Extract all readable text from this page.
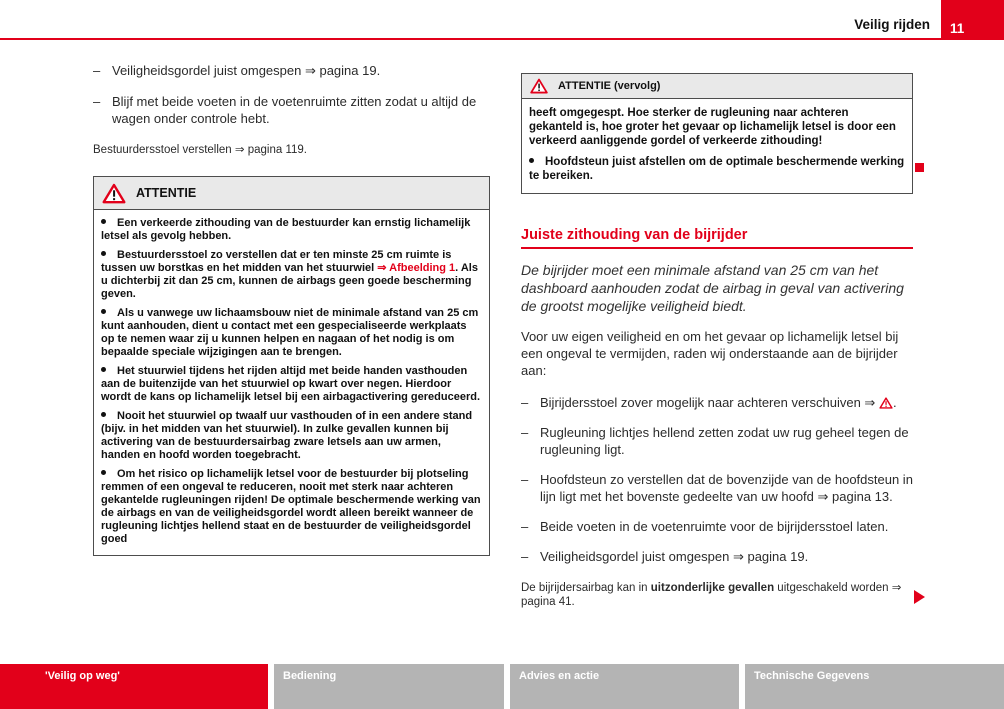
Veilig rijden 11
– Veiligheidsgordel juist omgespen ⇒ pagina 19.
– Blijf met beide voeten in de voetenruimte zitten zodat u altijd de wagen onder controle hebt.
Bestuurdersstoel verstellen ⇒ pagina 119.
ATTENTIE

Een verkeerde zithouding van de bestuurder kan ernstig lichamelijk letsel als gevolg hebben.

Bestuurdersstoel zo verstellen dat er ten minste 25 cm ruimte is tussen uw borstkas en het midden van het stuurwiel ⇒ Afbeelding 1. Als u dichterbij zit dan 25 cm, kunnen de airbags geen goede bescherming geven.

Als u vanwege uw lichaamsbouw niet de minimale afstand van 25 cm kunt aanhouden, dient u contact met een gespecialiseerde werkplaats op te nemen waar zij u kunnen helpen en nagaan of het nodig is om bepaalde speciale wijzigingen aan te brengen.

Het stuurwiel tijdens het rijden altijd met beide handen vasthouden aan de buitenzijde van het stuurwiel op kwart over negen. Hierdoor wordt de kans op lichamelijk letsel bij een airbagactivering gereduceerd.

Nooit het stuurwiel op twaalf uur vasthouden of in een andere stand (bijv. in het midden van het stuurwiel). In zulke gevallen kunnen bij activering van de bestuurdersairbag zware letsels aan uw armen, handen en hoofd worden toegebracht.

Om het risico op lichamelijk letsel voor de bestuurder bij plotseling remmen of een ongeval te reduceren, nooit met sterk naar achteren gekantelde rugleuningen rijden! De optimale beschermende werking van de airbags en van de veiligheidsgordel wordt alleen bereikt wanneer de rugleuning lichtjes hellend staat en de bestuurder de veiligheidsgordel goed

ATTENTIE (vervolg)

heeft omgegespt. Hoe sterker de rugleuning naar achteren gekanteld is, hoe groter het gevaar op lichamelijk letsel is door een verkeerd aanliggende gordel of verkeerde zithouding!

Hoofdsteun juist afstellen om de optimale beschermende werking te bereiken.

Juiste zithouding van de bijrijder
De bijrijder moet een minimale afstand van 25 cm van het dashboard aanhouden zodat de airbag in geval van activering de grootst mogelijke veiligheid biedt.
Voor uw eigen veiligheid en om het gevaar op lichamelijk letsel bij een ongeval te vermijden, raden wij onderstaande aan de bijrijder aan:
– Bijrijdersstoel zover mogelijk naar achteren verschuiven ⇒ .
– Rugleuning lichtjes hellend zetten zodat uw rug geheel tegen de rugleuning ligt.
– Hoofdsteun zo verstellen dat de bovenzijde van de hoofdsteun in lijn ligt met het bovenste gedeelte van uw hoofd ⇒ pagina 13.
– Beide voeten in de voetenruimte voor de bijrijdersstoel laten.
– Veiligheidsgordel juist omgespen ⇒ pagina 19.
De bijrijdersairbag kan in uitzonderlijke gevallen uitgeschakeld worden ⇒ pagina 41.
'Veilig op weg'	Bediening	Advies en actie	Technische Gegevens
